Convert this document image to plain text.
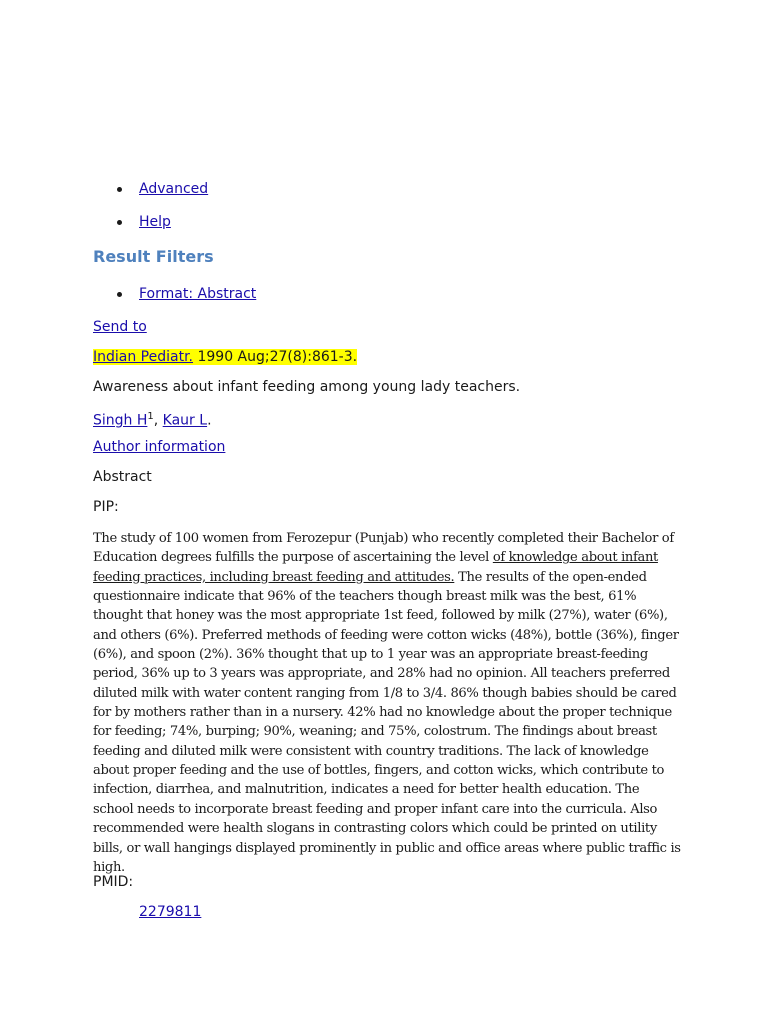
Advanced
Help
Result Filters
Format: Abstract

Send to

Indian Pediatr. 1990 Aug;27(8):861-3.

Awareness about infant feeding among young lady teachers.

Singh $H^1$, Kaur L.

Author information

Abstract

PIP:

The study of 100 women from Ferozepur (Punjab) who recently completed their Bachelor of Education degrees fulfills the purpose of ascertaining the level of knowledge about infant feeding practices, including breast feeding and attitudes. The results of the open-ended questionnaire indicate that 96% of the teachers though breast milk was the best, 61% thought that honey was the most appropriate 1st feed, followed by milk (27%), water (6%), and others (6%). Preferred methods of feeding were cotton wicks (48%), bottle (36%), finger (6%), and spoon (2%). 36% thought that up to 1 year was an appropriate breast-feeding period, 36% up to 3 years was appropriate, and 28% had no opinion. All teachers preferred diluted milk with water content ranging from 1/8 to 3/4. 86% though babies should be cared for by mothers rather than in a nursery. 42% had no knowledge about the proper technique for feeding; 74%, burping; 90%, weaning; and 75%, colostrum. The findings about breast feeding and diluted milk were consistent with country traditions. The lack of knowledge about proper feeding and the use of bottles, fingers, and cotton wicks, which contribute to infection, diarrhea, and malnutrition, indicates a need for better health education. The school needs to incorporate breast feeding and proper infant care into the curricula. Also recommended were health slogans in contrasting colors which could be printed on utility bills, or wall hangings displayed prominently in public and office areas where public traffic is high.

PMID:

2279811
